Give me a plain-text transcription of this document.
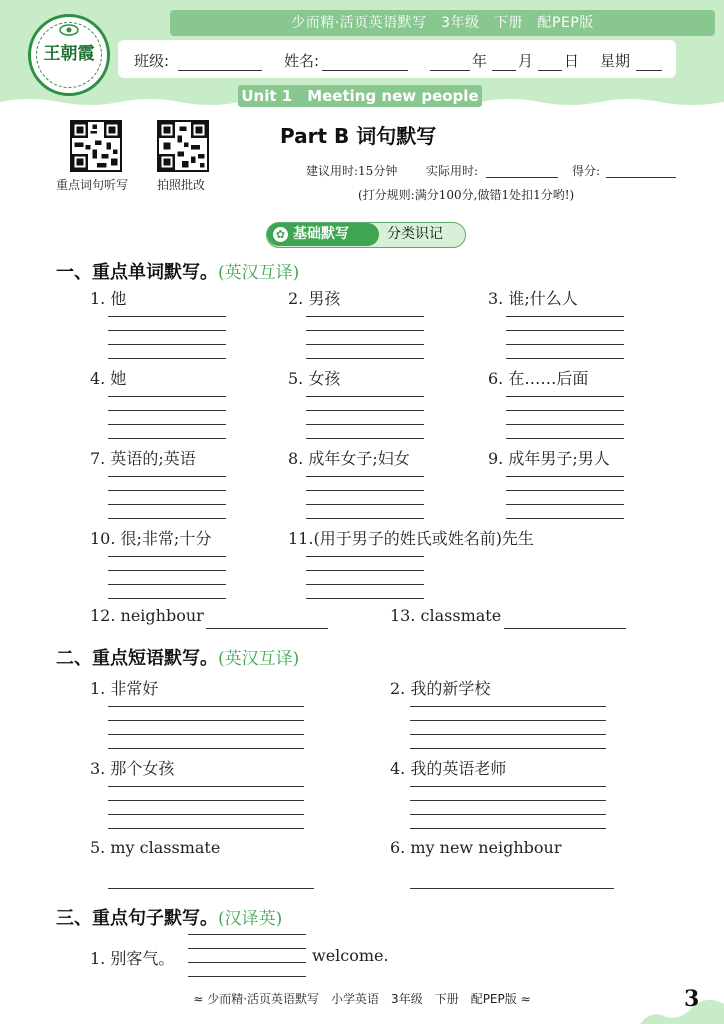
少而精·活页英语默写　3年级　下册　配PEP版
王朝霞	班级:	姓名:	年 月 日 星期
Unit 1　Meeting new people
重点词句听写 拍照批改
Part B 词句默写
建议用时:15分钟 实际用时:	得分:
(打分规则:满分100分,做错1处扣1分哟!)
✿ 基础默写	分类识记
一、重点单词默写。(英汉互译)
1. 他	2. 男孩	3. 谁;什么人
4. 她	5. 女孩	6. 在……后面
7. 英语的;英语	8. 成年女子;妇女	9. 成年男子;男人
10. 很;非常;十分	11.(用于男子的姓氏或姓名前)先生
12. neighbour	13. classmate
二、重点短语默写。(英汉互译)
1. 非常好	2. 我的新学校
3. 那个女孩	4. 我的英语老师
5. my classmate	6. my new neighbour
三、重点句子默写。(汉译英)
1. 别客气。	welcome.
≈ 少而精·活页英语默写　小学英语　3年级　下册　配PEP版 ≈	3
